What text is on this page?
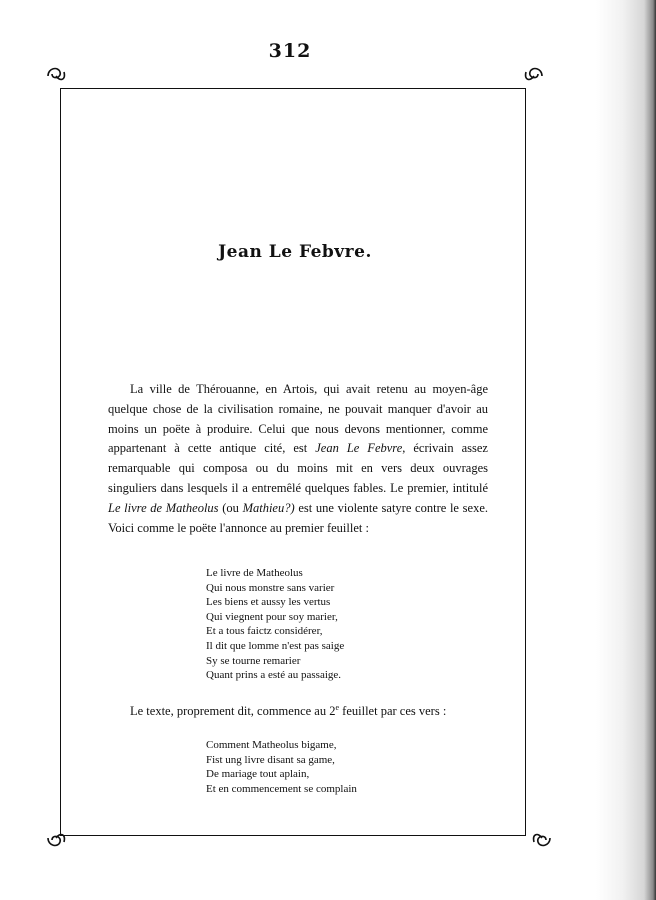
312
Jean Le Febvre.

La ville de Thérouanne, en Artois, qui avait retenu au moyen-âge quelque chose de la civilisation romaine, ne pouvait manquer d'avoir au moins un poëte à produire. Celui que nous devons mentionner, comme appartenant à cette antique cité, est Jean Le Febvre, écrivain assez remarquable qui composa ou du moins mit en vers deux ouvrages singuliers dans lesquels il a entremêlé quelques fables. Le premier, intitulé Le livre de Matheolus (ou Mathieu?) est une violente satyre contre le sexe. Voici comme le poëte l'annonce au premier feuillet :

Le livre de Matheolus
Qui nous monstre sans varier
Les biens et aussy les vertus
Qui viegnent pour soy marier,
Et a tous faictz considérer,
Il dit que lomme n'est pas saige
Sy se tourne remarier
Quant prins a esté au passaige.

Le texte, proprement dit, commence au 2e feuillet par ces vers :

Comment Matheolus bigame,
Fist ung livre disant sa game,
De mariage tout aplain,
Et en commencement se complain
